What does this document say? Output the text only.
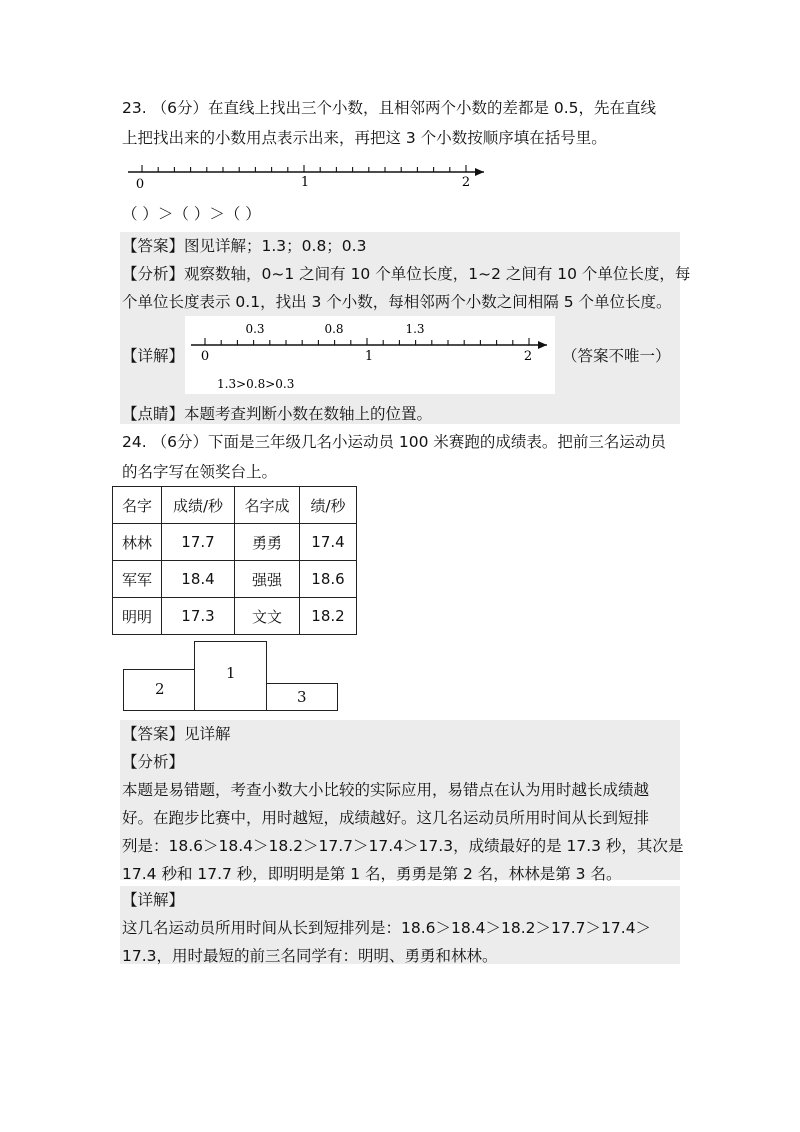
23. （6分）在直线上找出三个小数，且相邻两个小数的差都是 0.5，先在直线
上把找出来的小数用点表示出来，再把这 3 个小数按顺序填在括号里。
0	1	2
（ ）＞（ ）＞（ ）
【答案】图见详解；1.3；0.8；0.3
【分析】观察数轴，0~1 之间有 10 个单位长度，1~2 之间有 10 个单位长度，每
个单位长度表示 0.1，找出 3 个小数，每相邻两个小数之间相隔 5 个单位长度。
【详解】
0.3	0.8	1.3
0	1	2
1.3>0.8>0.3
（答案不唯一）
【点睛】本题考查判断小数在数轴上的位置。
24. （6分）下面是三年级几名小运动员 100 米赛跑的成绩表。把前三名运动员
的名字写在领奖台上。
名字	成绩/秒	名字成	绩/秒
林林	17.7	勇勇	17.4
军军	18.4	强强	18.6
明明	17.3	文文	18.2
2	3
1
【答案】见详解
【分析】
本题是易错题，考查小数大小比较的实际应用，易错点在认为用时越长成绩越
好。在跑步比赛中，用时越短，成绩越好。这几名运动员所用时间从长到短排
列是：18.6＞18.4＞18.2＞17.7＞17.4＞17.3，成绩最好的是 17.3 秒，其次是
17.4 秒和 17.7 秒，即明明是第 1 名，勇勇是第 2 名，林林是第 3 名。
【详解】
这几名运动员所用时间从长到短排列是：18.6＞18.4＞18.2＞17.7＞17.4＞
17.3，用时最短的前三名同学有：明明、勇勇和林林。
